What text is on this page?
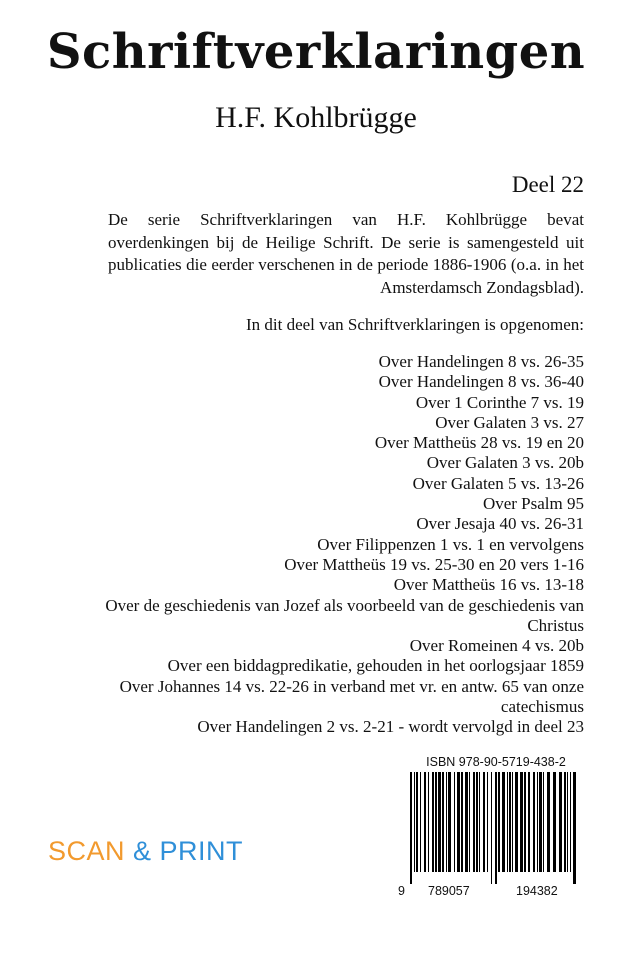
Schriftverklaringen
H.F. Kohlbrügge
Deel 22
De serie Schriftverklaringen van H.F. Kohlbrügge bevat overdenkingen bij de Heilige Schrift. De serie is samengesteld uit publicaties die eerder verschenen in de periode 1886-1906 (o.a. in het Amsterdamsch Zondagsblad).
In dit deel van Schriftverklaringen is opgenomen:
Over Handelingen 8 vs. 26-35
Over Handelingen 8 vs. 36-40
Over 1 Corinthe 7 vs. 19
Over Galaten 3 vs. 27
Over Mattheüs 28 vs. 19 en 20
Over Galaten 3 vs. 20b
Over Galaten 5 vs. 13-26
Over Psalm 95
Over Jesaja 40 vs. 26-31
Over Filippenzen 1 vs. 1 en vervolgens
Over Mattheüs 19 vs. 25-30 en 20 vers 1-16
Over Mattheüs 16 vs. 13-18
Over de geschiedenis van Jozef als voorbeeld van de geschiedenis van Christus
Over Romeinen 4 vs. 20b
Over een biddagpredikatie, gehouden in het oorlogsjaar 1859
Over Johannes 14 vs. 22-26 in verband met vr. en antw. 65 van onze catechismus
Over Handelingen 2 vs. 2-21 - wordt vervolgd in deel 23
ISBN 978-90-5719-438-2
9 789057	194382
SCAN & PRINT
